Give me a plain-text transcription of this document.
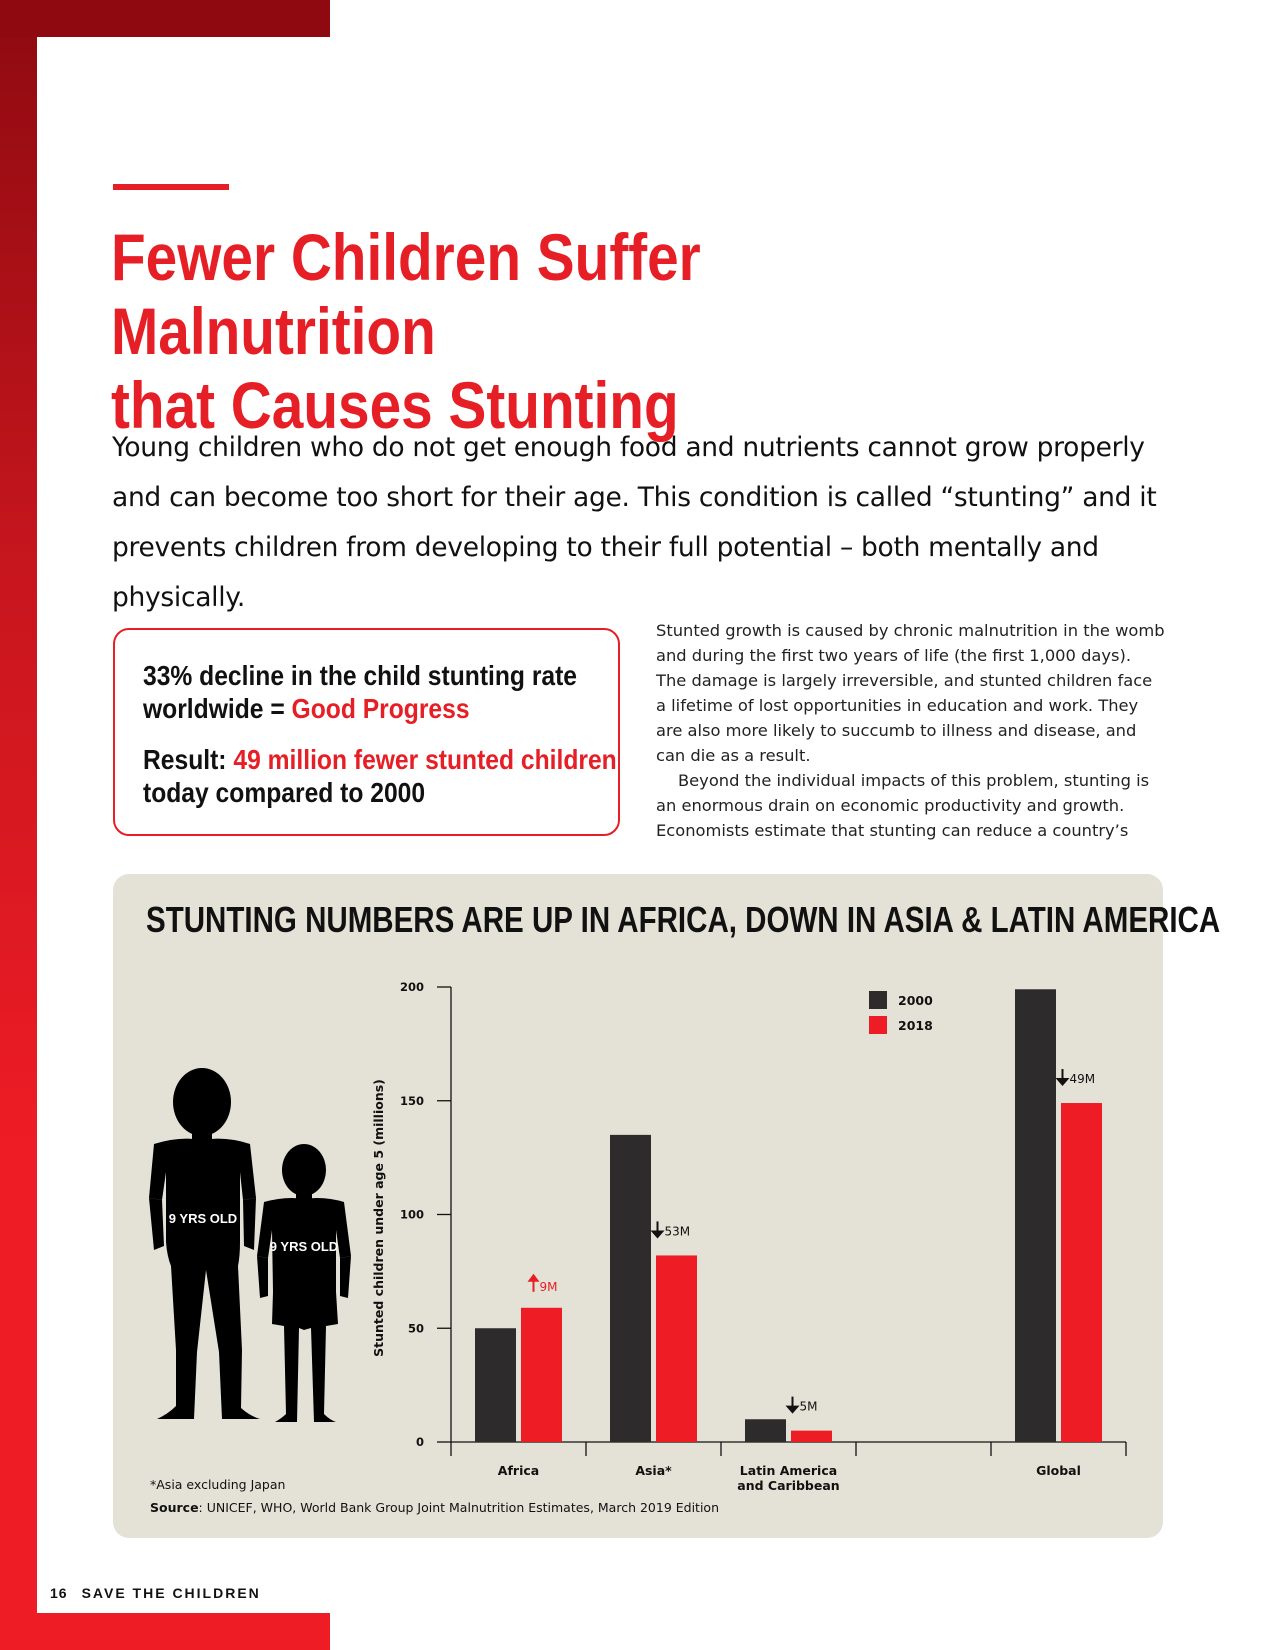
Fewer Children Suffer Malnutrition
that Causes Stunting

Young children who do not get enough food and nutrients cannot grow properly and can become too short for their age. This condition is called “stunting” and it prevents children from developing to their full potential – both mentally and physically.

33% decline in the child stunting rate
worldwide = Good Progress

Result: 49 million fewer stunted children
today compared to 2000

Stunted growth is caused by chronic malnutrition in the womb and during the first two years of life (the first 1,000 days). The damage is largely irreversible, and stunted children face a lifetime of lost opportunities in education and work. They are also more likely to succumb to illness and disease, and can die as a result.
Beyond the individual impacts of this problem, stunting is an enormous drain on economic productivity and growth. Economists estimate that stunting can reduce a country’s

STUNTING NUMBERS ARE UP IN AFRICA, DOWN IN ASIA & LATIN AMERICA
9 YRS OLD
9 YRS OLD	Stunted children under age 5 (millions)
0
50
100
150
200
Africa	Asia*	Latin America
and Caribbean
Global
9M
53M
5M
49M
2000
2018

*Asia excluding Japan

Source: UNICEF, WHO, World Bank Group Joint Malnutrition Estimates, March 2019 Edition

16 SAVE THE CHILDREN
